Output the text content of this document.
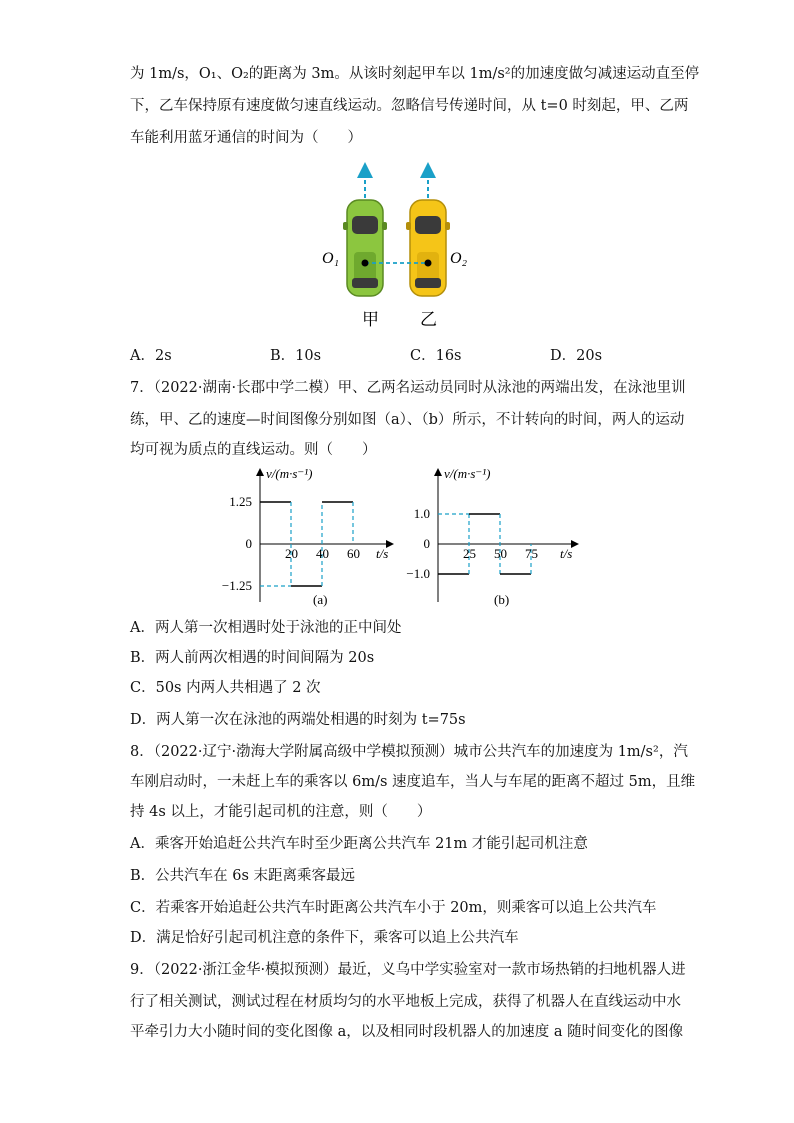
为 1m/s，O₁、O₂的距离为 3m。从该时刻起甲车以 1m/s²的加速度做匀减速运动直至停
下，乙车保持原有速度做匀速直线运动。忽略信号传递时间，从 t=0 时刻起，甲、乙两
车能利用蓝牙通信的时间为（　　）
O₁	O₂
甲 乙
A．2s	B．10s	C．16s	D．20s
7．（2022·湖南·长郡中学二模）甲、乙两名运动员同时从泳池的两端出发，在泳池里训
练，甲、乙的速度—时间图像分别如图（a）、（b）所示，不计转向的时间，两人的运动
均可视为质点的直线运动。则（　　）
20 40 60
1.25
0
−1.25
v/(m·s⁻¹)
t/s
(a)
25 50 75
1.0
0
−1.0
v/(m·s⁻¹)
t/s
(b)
A．两人第一次相遇时处于泳池的正中间处
B．两人前两次相遇的时间间隔为 20s
C．50s 内两人共相遇了 2 次
D．两人第一次在泳池的两端处相遇的时刻为 t=75s
8．（2022·辽宁·渤海大学附属高级中学模拟预测）城市公共汽车的加速度为 1m/s²，汽
车刚启动时，一未赶上车的乘客以 6m/s 速度追车，当人与车尾的距离不超过 5m，且维
持 4s 以上，才能引起司机的注意，则（　　）
A．乘客开始追赶公共汽车时至少距离公共汽车 21m 才能引起司机注意
B．公共汽车在 6s 末距离乘客最远
C．若乘客开始追赶公共汽车时距离公共汽车小于 20m，则乘客可以追上公共汽车
D．满足恰好引起司机注意的条件下，乘客可以追上公共汽车
9．（2022·浙江金华·模拟预测）最近，义乌中学实验室对一款市场热销的扫地机器人进
行了相关测试，测试过程在材质均匀的水平地板上完成，获得了机器人在直线运动中水
平牵引力大小随时间的变化图像 a，以及相同时段机器人的加速度 a 随时间变化的图像
